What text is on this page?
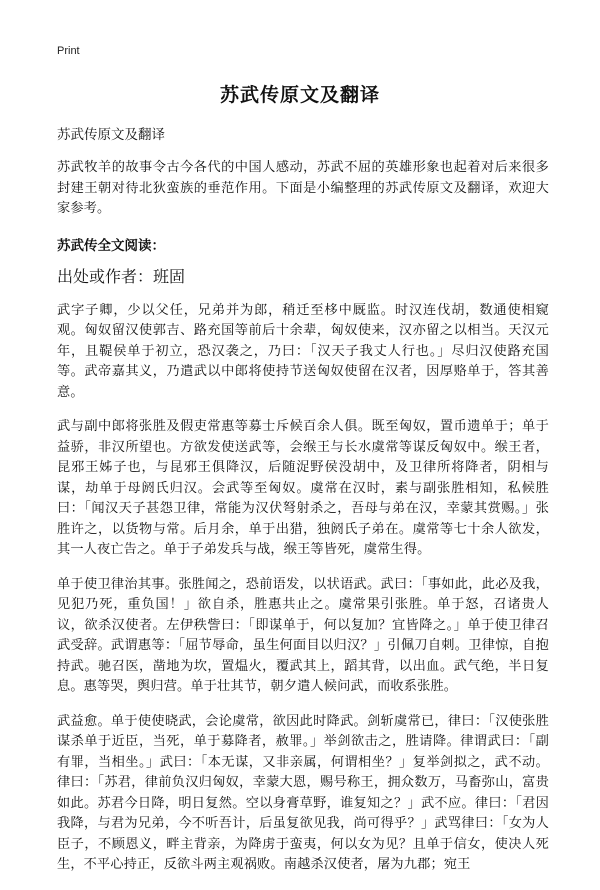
Print
苏武传原文及翻译
苏武传原文及翻译

苏武牧羊的故事令古今各代的中国人感动，苏武不屈的英雄形象也起着对后来很多封建王朝对待北狄蛮族的垂范作用。下面是小编整理的苏武传原文及翻译，欢迎大家参考。

苏武传全文阅读：
出处或作者：班固

武字子卿，少以父任，兄弟并为郎，稍迁至栘中厩监。时汉连伐胡，数通使相窥观。匈奴留汉使郭吉、路充国等前后十余辈，匈奴使来，汉亦留之以相当。天汉元年，且鞮侯单于初立，恐汉袭之，乃曰：「汉天子我丈人行也。」尽归汉使路充国等。武帝嘉其义，乃遣武以中郎将使持节送匈奴使留在汉者，因厚赂单于，答其善意。

武与副中郎将张胜及假吏常惠等募士斥候百余人俱。既至匈奴，置币遗单于；单于益骄，非汉所望也。方欲发使送武等，会缑王与长水虞常等谋反匈奴中。缑王者，昆邪王姊子也，与昆邪王俱降汉，后随浞野侯没胡中，及卫律所将降者，阴相与谋，劫单于母阏氏归汉。会武等至匈奴。虞常在汉时，素与副张胜相知，私候胜曰：「闻汉天子甚怨卫律，常能为汉伏弩射杀之，吾母与弟在汉，幸蒙其赏赐。」张胜许之，以货物与常。后月余，单于出猎，独阏氏子弟在。虞常等七十余人欲发，其一人夜亡告之。单于子弟发兵与战，缑王等皆死，虞常生得。

单于使卫律治其事。张胜闻之，恐前语发，以状语武。武曰：「事如此，此必及我，见犯乃死，重负国！」欲自杀，胜惠共止之。虞常果引张胜。单于怒，召诸贵人议，欲杀汉使者。左伊秩訾曰：「即谋单于，何以复加？宜皆降之。」单于使卫律召武受辞。武谓惠等：「屈节辱命，虽生何面目以归汉？」引佩刀自刺。卫律惊，自抱持武。驰召医，凿地为坎，置煴火，覆武其上，蹈其背，以出血。武气绝，半日复息。惠等哭，舆归营。单于壮其节，朝夕遣人候问武，而收系张胜。

武益愈。单于使使晓武，会论虞常，欲因此时降武。剑斩虞常已，律曰：「汉使张胜谋杀单于近臣，当死，单于募降者，赦罪。」举剑欲击之，胜请降。律谓武曰：「副有罪，当相坐。」武曰：「本无谋，又非亲属，何谓相坐？」复举剑拟之，武不动。律曰：「苏君，律前负汉归匈奴，幸蒙大恩，赐号称王，拥众数万，马畜弥山，富贵如此。苏君今日降，明日复然。空以身膏草野，谁复知之？」武不应。律曰：「君因我降，与君为兄弟，今不听吾计，后虽复欲见我，尚可得乎？」武骂律曰：「女为人臣子，不顾恩义，畔主背亲，为降虏于蛮夷，何以女为见？且单于信女，使决人死生，不平心持正，反欲斗两主观祸败。南越杀汉使者，屠为九郡；宛王
